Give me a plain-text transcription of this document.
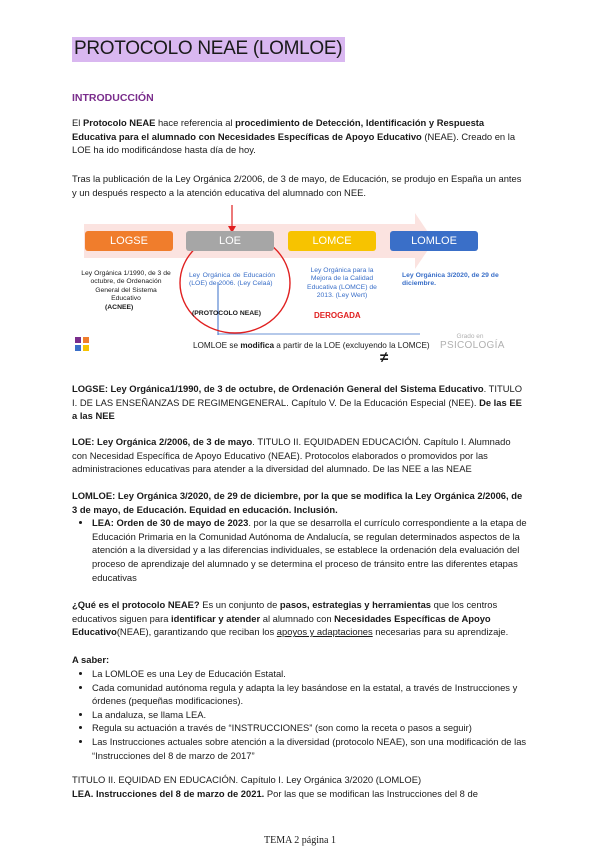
PROTOCOLO NEAE (LOMLOE)
INTRODUCCIÓN

El Protocolo NEAE hace referencia al procedimiento de Detección, Identificación y Respuesta Educativa para el alumnado con Necesidades Específicas de Apoyo Educativo (NEAE). Creado en la LOE ha ido modificándose hasta día de hoy.

Tras la publicación de la Ley Orgánica 2/2006, de 3 de mayo, de Educación, se produjo en España un antes y un después respecto a la atención educativa del alumnado con NEE.

LOGSE	LOE	LOMCE	LOMLOE
Ley Orgánica 1/1990, de 3 de octubre, de Ordenación General del Sistema Educativo
(ACNEE)
Ley Orgánica de Educación (LOE) de 2006. (Ley Celaá)
(PROTOCOLO NEAE)
Ley Orgánica para la Mejora de la Calidad Educativa (LOMCE) de 2013. (Ley Wert)
DEROGADA
Ley Orgánica 3/2020, de 29 de diciembre.
LOMLOE se modifica a partir de la LOE (excluyendo la LOMCE)
≠
Grado en
PSICOLOGÍA

LOGSE: Ley Orgánica1/1990, de 3 de octubre, de Ordenación General del Sistema Educativo. TITULO I. DE LAS ENSEÑANZAS DE REGIMENGENERAL. Capítulo V. De la Educación Especial (NEE). De las EE a las NEE

LOE: Ley Orgánica 2/2006, de 3 de mayo. TITULO II. EQUIDADEN EDUCACIÓN. Capítulo I. Alumnado con Necesidad Específica de Apoyo Educativo (NEAE). Protocolos elaborados o promovidos por las administraciones educativas para atender a la diversidad del alumnado. De las NEE a las NEAE

LOMLOE: Ley Orgánica 3/2020, de 29 de diciembre, por la que se modifica la Ley Orgánica 2/2006, de 3 de mayo, de Educación. Equidad en educación. Inclusión.
• LEA: Orden de 30 de mayo de 2023. por la que se desarrolla el currículo correspondiente a la etapa de Educación Primaria en la Comunidad Autónoma de Andalucía, se regulan determinados aspectos de la atención a la diversidad y a las diferencias individuales, se establece la ordenación dela evaluación del proceso de aprendizaje del alumnado y se determina el proceso de tránsito entre las diferentes etapas educativas

¿Qué es el protocolo NEAE? Es un conjunto de pasos, estrategias y herramientas que los centros educativos siguen para identificar y atender al alumnado con Necesidades Específicas de Apoyo Educativo(NEAE), garantizando que reciban los apoyos y adaptaciones necesarias para su aprendizaje.

A saber:
• La LOMLOE es una Ley de Educación Estatal.
• Cada comunidad autónoma regula y adapta la ley basándose en la estatal, a través de Instrucciones y órdenes (pequeñas modificaciones).
• La andaluza, se llama LEA.
• Regula su actuación a través de “INSTRUCCIONES” (son como la receta o pasos a seguir)
• Las Instrucciones actuales sobre atención a la diversidad (protocolo NEAE), son una modificación de las “Instrucciones del 8 de marzo de 2017”

TITULO II. EQUIDAD EN EDUCACIÓN. Capítulo I. Ley Orgánica 3/2020 (LOMLOE)

LEA. Instrucciones del 8 de marzo de 2021. Por las que se modifican las Instrucciones del 8 de

TEMA 2 página 1
